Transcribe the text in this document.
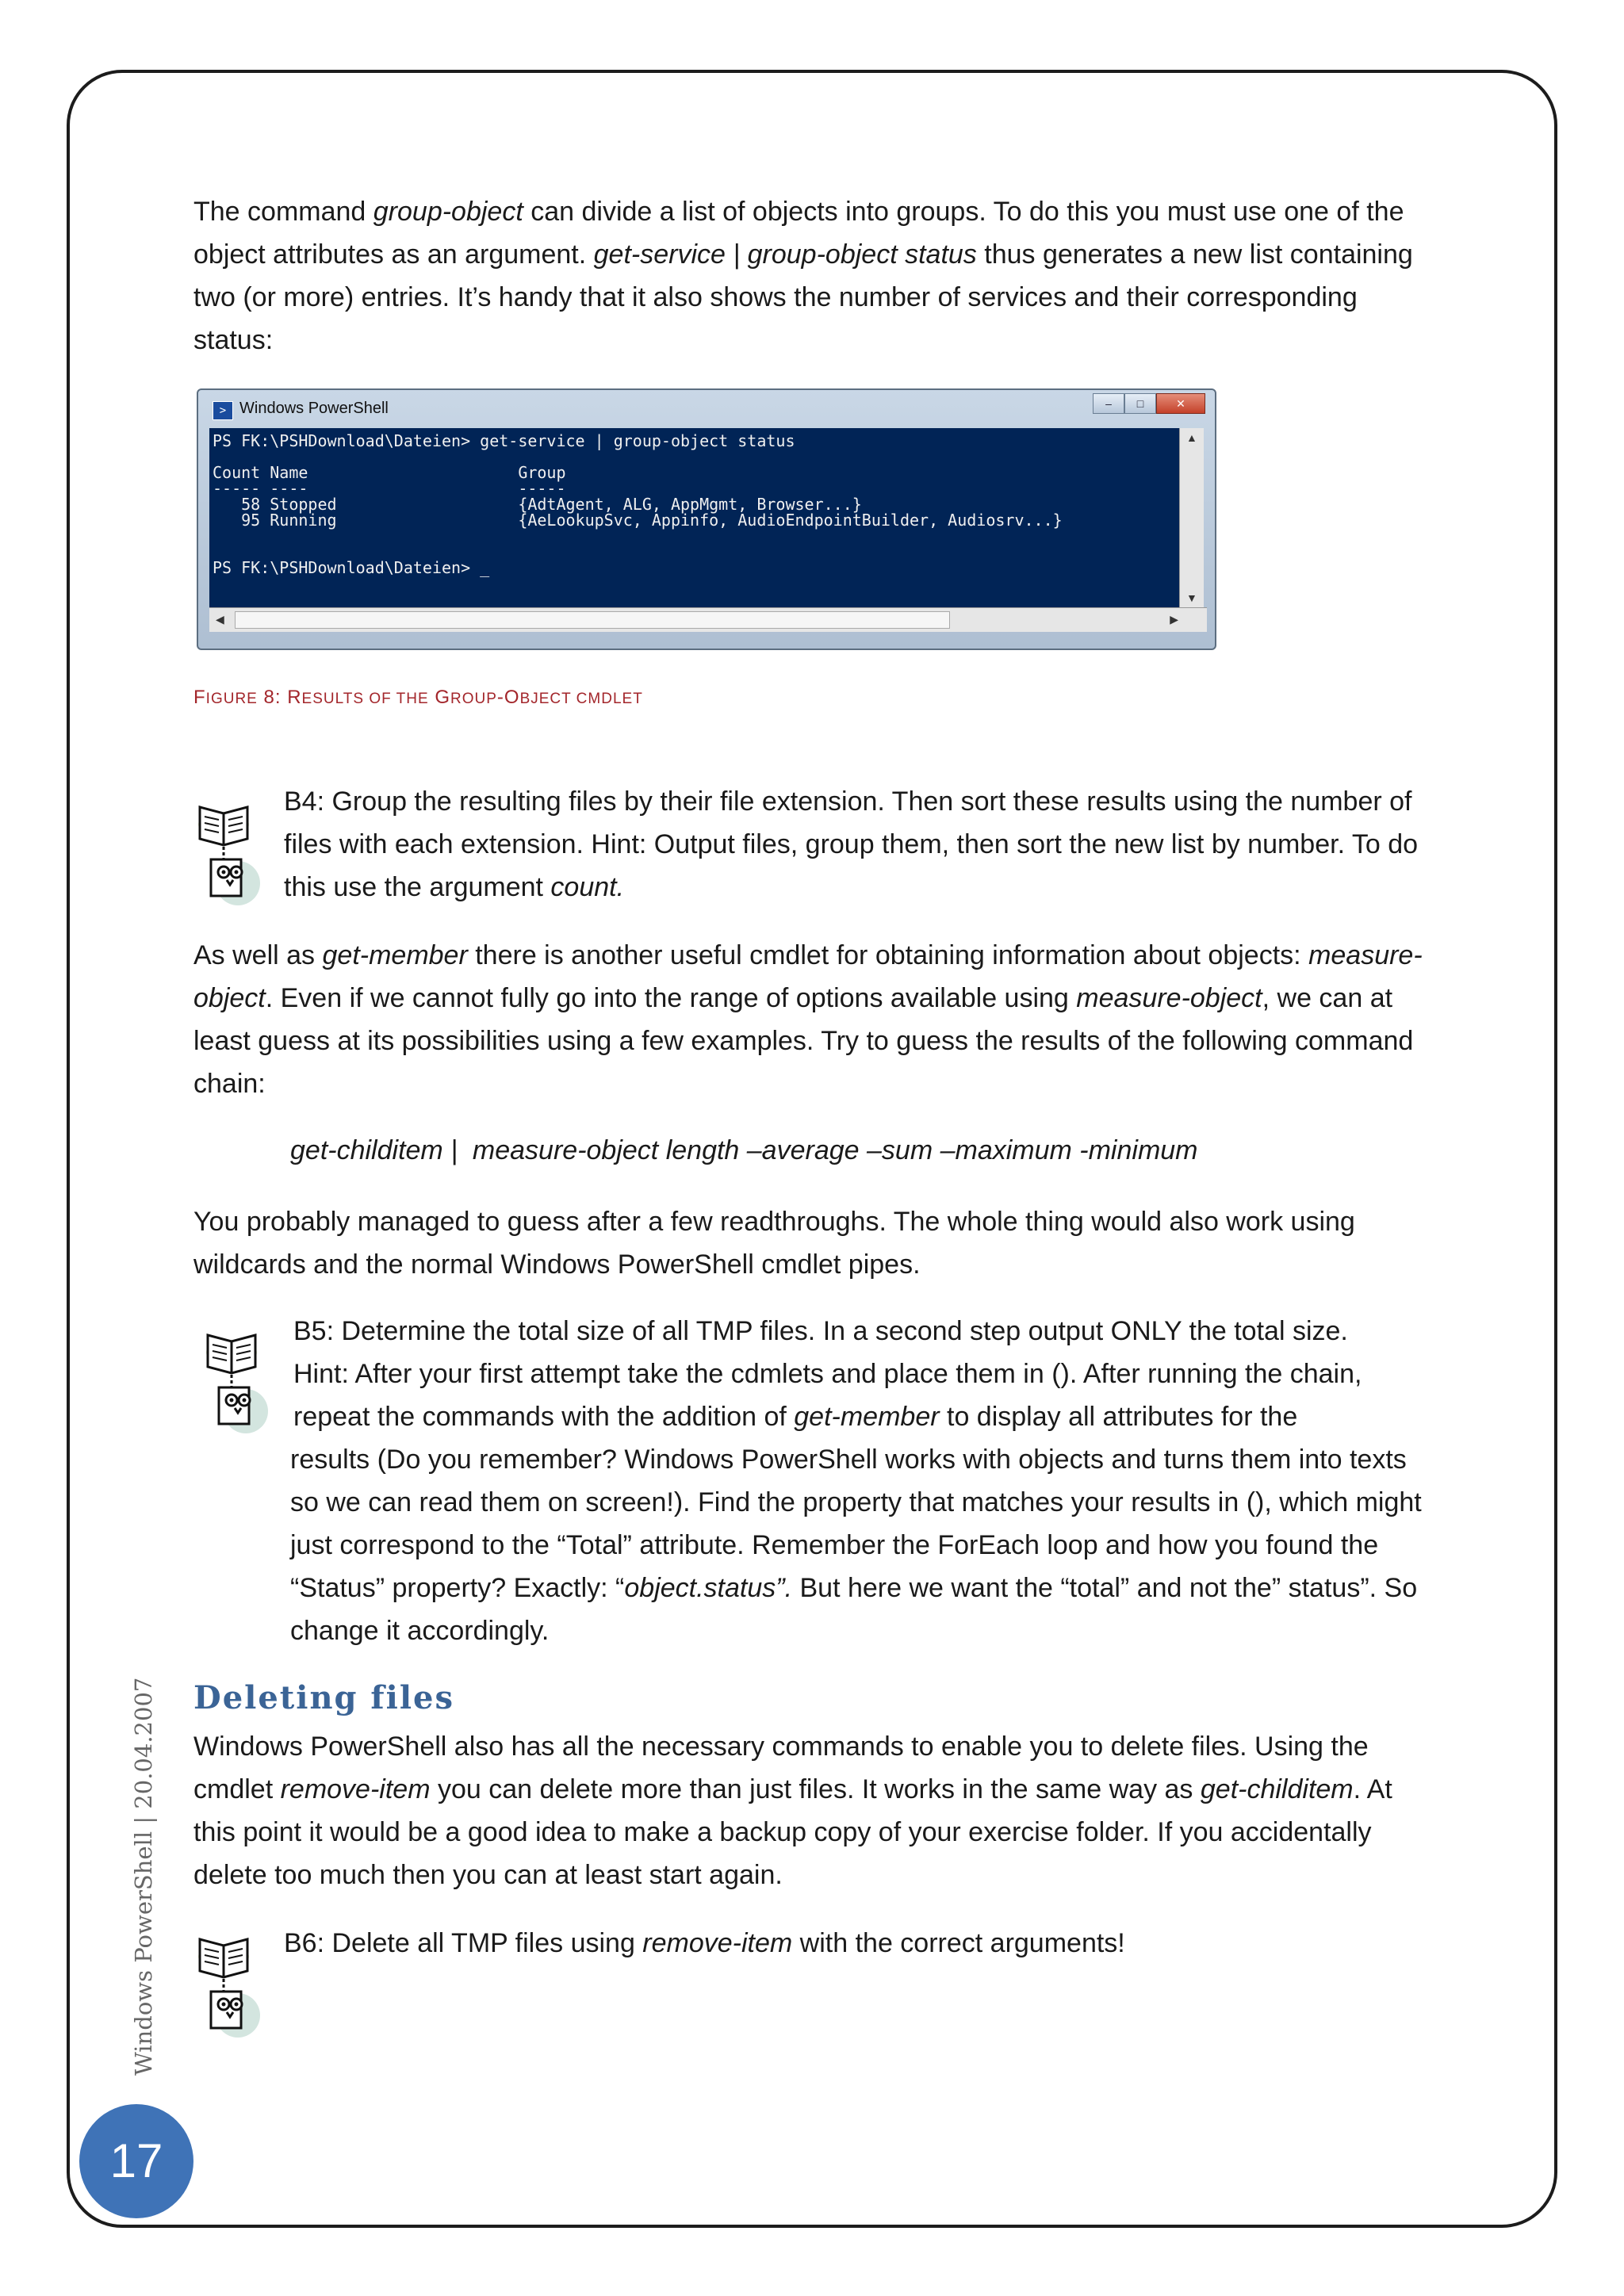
The command group-object can divide a list of objects into groups. To do this you must use one of the object attributes as an argument. get-service | group-object status thus generates a new list containing two (or more) entries. It’s handy that it also shows the number of services and their corresponding status:

> Windows PowerShell	–	□	✕
PS FK:\PSHDownload\Dateien> get-service | group-object status
Count Name                      Group
----- ----                      -----
58 Stopped                   {AdtAgent, ALG, AppMgmt, Browser...}
95 Running                   {AeLookupSvc, Appinfo, AudioEndpointBuilder, Audiosrv...}
PS FK:\PSHDownload\Dateien> _
▲
▼
◀	▶
FIGURE 8: RESULTS OF THE GROUP-OBJECT CMDLET

B4: Group the resulting files by their file extension. Then sort these results using the number of files with each extension. Hint: Output files, group them, then sort the new list by number. To do this use the argument count.

As well as get-member there is another useful cmdlet for obtaining information about objects: measure-object. Even if we cannot fully go into the range of options available using measure-object, we can at least guess at its possibilities using a few examples. Try to guess the results of the following command chain:

get-childitem |  measure-object length –average –sum –maximum -minimum

You probably managed to guess after a few readthroughs. The whole thing would also work using wildcards and the normal Windows PowerShell cmdlet pipes.

B5: Determine the total size of all TMP files. In a second step output ONLY the total size.

Hint: After your first attempt take the cdmlets and place them in (). After running the chain,

repeat the commands with the addition of get-member to display all attributes for the

results (Do you remember? Windows PowerShell works with objects and turns them into texts so we can read them on screen!). Find the property that matches your results in (), which might just correspond to the “Total” attribute. Remember the ForEach loop and how you found the “Status” property? Exactly: “object.status”. But here we want the “total” and not the” status”. So change it accordingly.

Deleting files

Windows PowerShell also has all the necessary commands to enable you to delete files. Using the cmdlet remove-item you can delete more than just files. It works in the same way as get-childitem. At this point it would be a good idea to make a backup copy of your exercise folder. If you accidentally delete too much then you can at least start again.

B6: Delete all TMP files using remove-item with the correct arguments!

Windows PowerShell | 20.04.2007
17
